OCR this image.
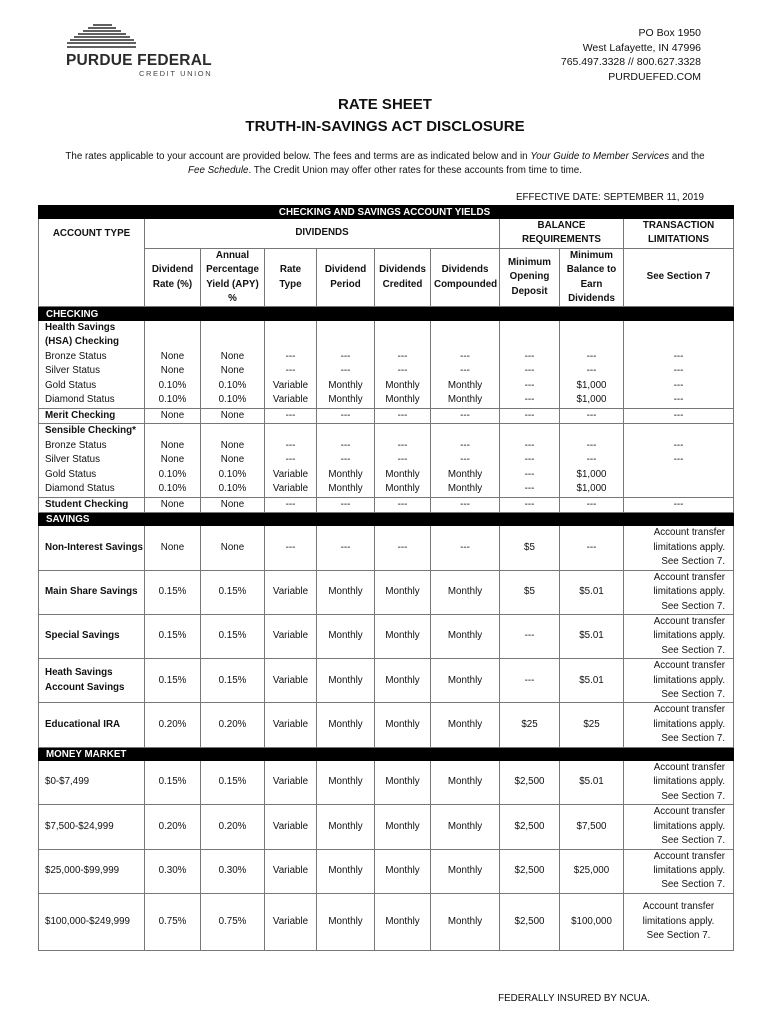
PURDUE FEDERAL
CREDIT UNION
PO Box 1950
West Lafayette, IN 47996
765.497.3328 // 800.627.3328
PURDUEFED.COM
RATE SHEET
TRUTH-IN-SAVINGS ACT DISCLOSURE
The rates applicable to your account are provided below. The fees and terms are as indicated below and in Your Guide to Member Services and the Fee Schedule. The Credit Union may offer other rates for these accounts from time to time.
EFFECTIVE DATE: SEPTEMBER 11, 2019
CHECKING AND SAVINGS ACCOUNT YIELDS									
ACCOUNT TYPE	DIVIDENDS						BALANCE REQUIREMENTS		TRANSACTION LIMITATIONS
	Dividend Rate (%)	Annual Percentage Yield (APY) %	Rate Type	Dividend Period	Dividends Credited	Dividends Compounded	Minimum Opening Deposit	Minimum Balance to Earn Dividends	See Section 7
CHECKING									
Health Savings (HSA) Checking									
Bronze Status	None	None	---	---	---	---	---	---	---
Silver Status	None	None	---	---	---	---	---	---	---
Gold Status	0.10%	0.10%	Variable	Monthly	Monthly	Monthly	---	$1,000	---
Diamond Status	0.10%	0.10%	Variable	Monthly	Monthly	Monthly	---	$1,000	---
Merit Checking	None	None	---	---	---	---	---	---	---
Sensible Checking*									
Bronze Status	None	None	---	---	---	---	---	---	---
Silver Status	None	None	---	---	---	---	---	---	---
Gold Status	0.10%	0.10%	Variable	Monthly	Monthly	Monthly	---	$1,000	
Diamond Status	0.10%	0.10%	Variable	Monthly	Monthly	Monthly	---	$1,000	
Student Checking	None	None	---	---	---	---	---	---	---
SAVINGS									
Non-Interest Savings	None	None	---	---	---	---	$5	---	Account transfer
limitations apply.
See Section 7.

Main Share Savings	0.15%	0.15%	Variable	Monthly	Monthly	Monthly	$5	$5.01	Account transfer
limitations apply.
See Section 7.

Special Savings	0.15%	0.15%	Variable	Monthly	Monthly	Monthly	---	$5.01	Account transfer
limitations apply.
See Section 7.

Heath Savings Account Savings	0.15%	0.15%	Variable	Monthly	Monthly	Monthly	---	$5.01	Account transfer
limitations apply.
See Section 7.

Educational IRA	0.20%	0.20%	Variable	Monthly	Monthly	Monthly	$25	$25	Account transfer
limitations apply.
See Section 7.

MONEY MARKET									
$0-$7,499	0.15%	0.15%	Variable	Monthly	Monthly	Monthly	$2,500	$5.01	Account transfer
limitations apply.
See Section 7.

$7,500-$24,999	0.20%	0.20%	Variable	Monthly	Monthly	Monthly	$2,500	$7,500	Account transfer
limitations apply.
See Section 7.

$25,000-$99,999	0.30%	0.30%	Variable	Monthly	Monthly	Monthly	$2,500	$25,000	Account transfer
limitations apply.
See Section 7.

$100,000-$249,999	0.75%	0.75%	Variable	Monthly	Monthly	Monthly	$2,500	$100,000	Account transfer
limitations apply.
See Section 7.
FEDERALLY INSURED BY NCUA.
